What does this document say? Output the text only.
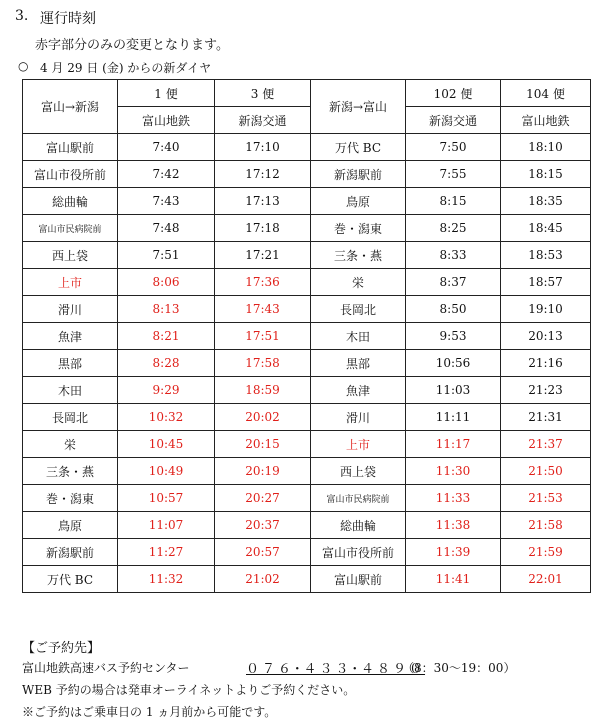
3. 運行時刻
赤字部分のみの変更となります。
○ 4 月 29 日 (金) からの新ダイヤ
富山→新潟	1 便	3 便	新潟→富山	102 便	104 便
	富山地鉄	新潟交通		新潟交通	富山地鉄
富山駅前	7:40	17:10	万代 BC	7:50	18:10
富山市役所前	7:42	17:12	新潟駅前	7:55	18:15
総曲輪	7:43	17:13	鳥原	8:15	18:35
富山市民病院前	7:48	17:18	巻・潟東	8:25	18:45
西上袋	7:51	17:21	三条・燕	8:33	18:53
上市	8:06	17:36	栄	8:37	18:57
滑川	8:13	17:43	長岡北	8:50	19:10
魚津	8:21	17:51	木田	9:53	20:13
黒部	8:28	17:58	黒部	10:56	21:16
木田	9:29	18:59	魚津	11:03	21:23
長岡北	10:32	20:02	滑川	11:11	21:31
栄	10:45	20:15	上市	11:17	21:37
三条・燕	10:49	20:19	西上袋	11:30	21:50
巻・潟東	10:57	20:27	富山市民病院前	11:33	21:53
鳥原	11:07	20:37	総曲輪	11:38	21:58
新潟駅前	11:27	20:57	富山市役所前	11:39	21:59
万代 BC	11:32	21:02	富山駅前	11:41	22:01
【ご予約先】
富山地鉄高速バス予約センター	０７６･４３３･４８９０
（8：30～19：00）
WEB 予約の場合は発車オーライネットよりご予約ください。
※ご予約はご乗車日の 1 ヵ月前から可能です。
